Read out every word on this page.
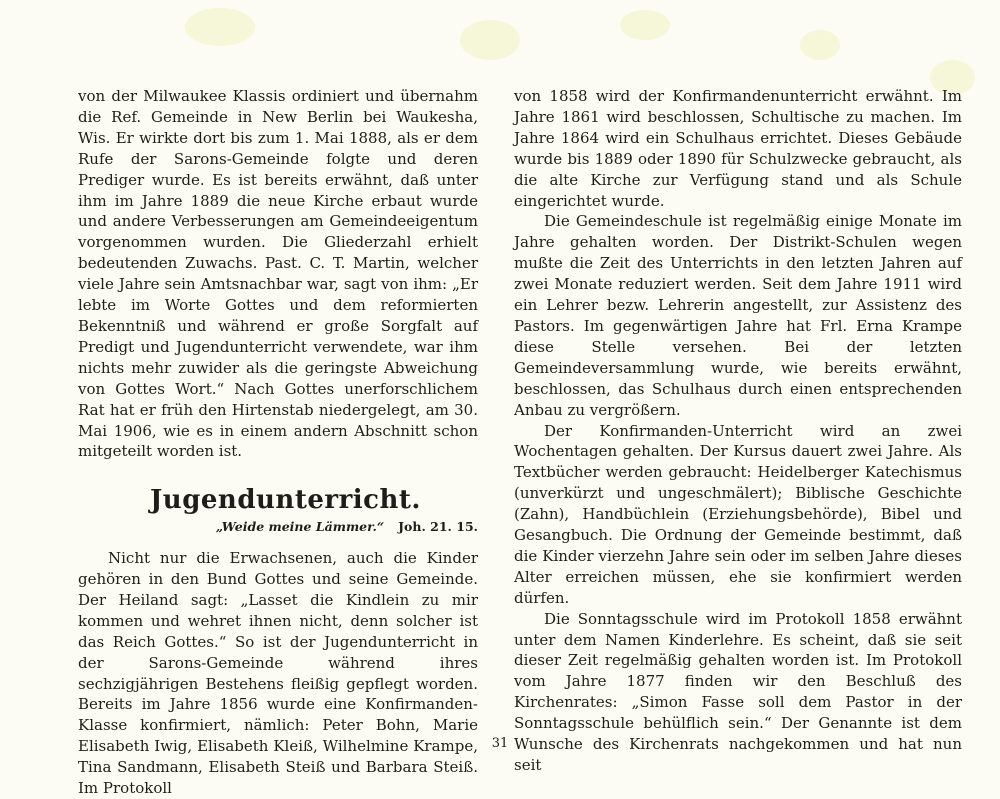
von der Milwaukee Klassis ordiniert und übernahm die Ref. Gemeinde in New Berlin bei Waukesha, Wis. Er wirkte dort bis zum 1. Mai 1888, als er dem Rufe der Sarons-Gemeinde folgte und deren Prediger wurde. Es ist bereits erwähnt, daß unter ihm im Jahre 1889 die neue Kirche erbaut wurde und andere Verbesserungen am Gemeindeeigentum vorgenommen wurden. Die Gliederzahl erhielt bedeutenden Zuwachs. Past. C. T. Martin, welcher viele Jahre sein Amtsnachbar war, sagt von ihm: „Er lebte im Worte Gottes und dem reformierten Bekenntniß und während er große Sorgfalt auf Predigt und Jugendunterricht verwendete, war ihm nichts mehr zuwider als die geringste Abweichung von Gottes Wort.“ Nach Gottes unerforschlichem Rat hat er früh den Hirtenstab niedergelegt, am 30. Mai 1906, wie es in einem andern Abschnitt schon mitgeteilt worden ist.

Jugendunterricht.
„Weide meine Lämmer.“ Joh. 21. 15.

Nicht nur die Erwachsenen, auch die Kinder gehören in den Bund Gottes und seine Gemeinde. Der Heiland sagt: „Lasset die Kindlein zu mir kommen und wehret ihnen nicht, denn solcher ist das Reich Gottes.“ So ist der Jugendunterricht in der Sarons-Gemeinde während ihres sechzigjährigen Bestehens fleißig gepflegt worden. Bereits im Jahre 1856 wurde eine Konfirmanden-Klasse konfirmiert, nämlich: Peter Bohn, Marie Elisabeth Iwig, Elisabeth Kleiß, Wilhelmine Krampe, Tina Sandmann, Elisabeth Steiß und Barbara Steiß. Im Protokoll

von 1858 wird der Konfirmandenunterricht erwähnt. Im Jahre 1861 wird beschlossen, Schultische zu machen. Im Jahre 1864 wird ein Schulhaus errichtet. Dieses Gebäude wurde bis 1889 oder 1890 für Schulzwecke gebraucht, als die alte Kirche zur Verfügung stand und als Schule eingerichtet wurde.

Die Gemeindeschule ist regelmäßig einige Monate im Jahre gehalten worden. Der Distrikt-Schulen wegen mußte die Zeit des Unterrichts in den letzten Jahren auf zwei Monate reduziert werden. Seit dem Jahre 1911 wird ein Lehrer bezw. Lehrerin angestellt, zur Assistenz des Pastors. Im gegenwärtigen Jahre hat Frl. Erna Krampe diese Stelle versehen. Bei der letzten Gemeindeversammlung wurde, wie bereits erwähnt, beschlossen, das Schulhaus durch einen entsprechenden Anbau zu vergrößern.

Der Konfirmanden-Unterricht wird an zwei Wochentagen gehalten. Der Kursus dauert zwei Jahre. Als Textbücher werden gebraucht: Heidelberger Katechismus (unverkürzt und ungeschmälert); Biblische Geschichte (Zahn), Handbüchlein (Erziehungsbehörde), Bibel und Gesangbuch. Die Ordnung der Gemeinde bestimmt, daß die Kinder vierzehn Jahre sein oder im selben Jahre dieses Alter erreichen müssen, ehe sie konfirmiert werden dürfen.

Die Sonntagsschule wird im Protokoll 1858 erwähnt unter dem Namen Kinderlehre. Es scheint, daß sie seit dieser Zeit regelmäßig gehalten worden ist. Im Protokoll vom Jahre 1877 finden wir den Beschluß des Kirchenrates: „Simon Fasse soll dem Pastor in der Sonntagsschule behülflich sein.“ Der Genannte ist dem Wunsche des Kirchenrats nachgekommen und hat nun seit

31
